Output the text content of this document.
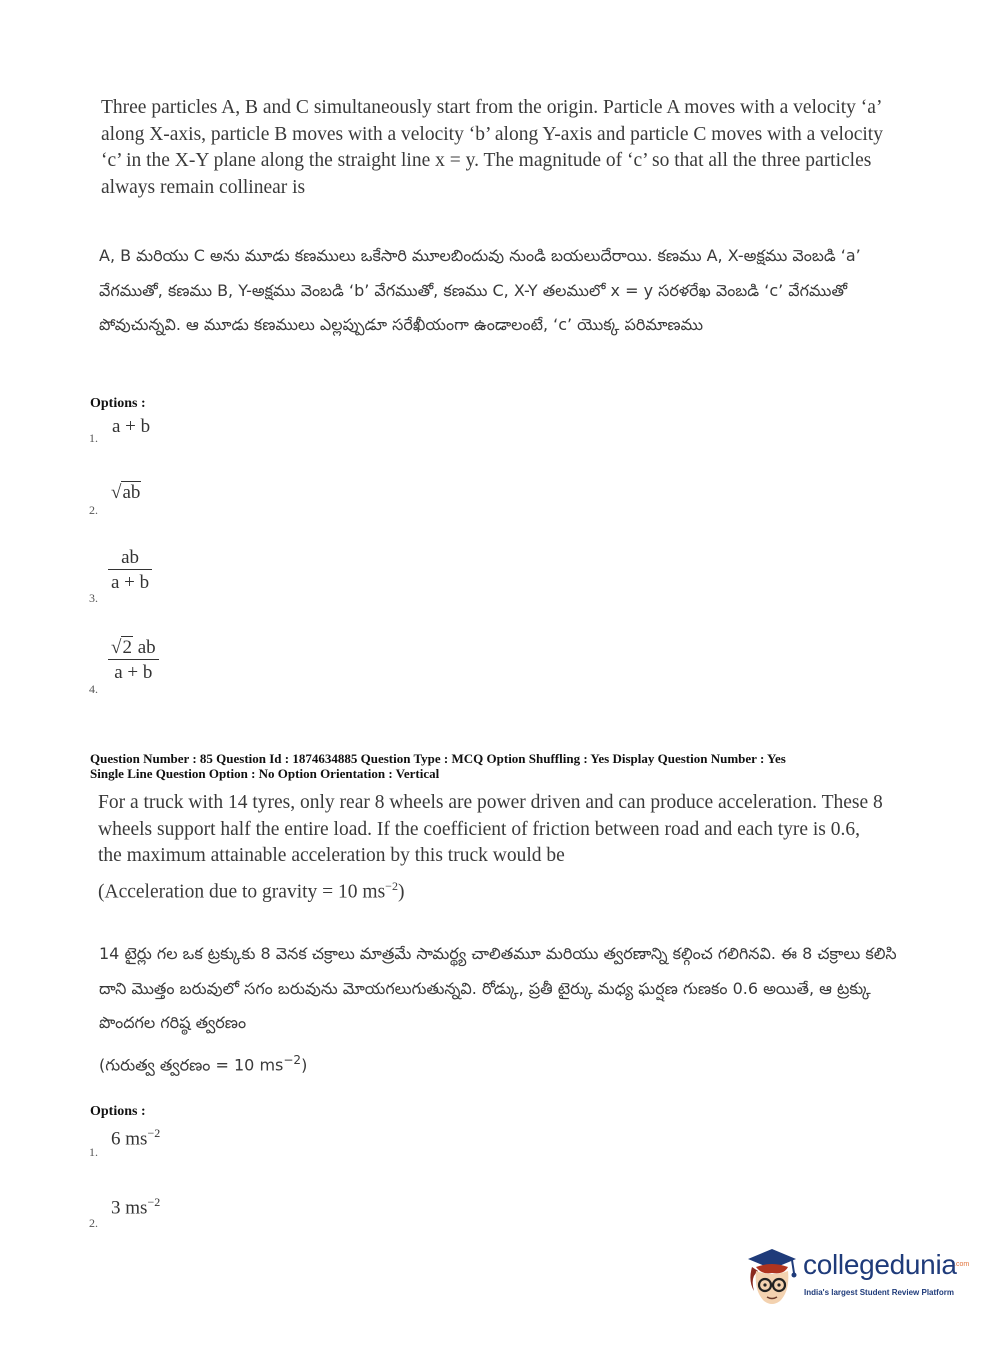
Three particles A, B and C simultaneously start from the origin. Particle A moves with a velocity ‘a’ along X-axis, particle B moves with a velocity ‘b’ along Y-axis and particle C moves with a velocity ‘c’ in the X-Y plane along the straight line x = y. The magnitude of ‘c’ so that all the three particles always remain collinear is
A, B మరియు C అను మూడు కణములు ఒకేసారి మూలబిందువు నుండి బయలుదేరాయి. కణము A, X-అక్షము వెంబడి ‘a’ వేగముతో, కణము B, Y-అక్షము వెంబడి ‘b’ వేగముతో, కణము C, X-Y తలములో x = y సరళరేఖ వెంబడి ‘c’ వేగముతో పోవుచున్నవి. ఆ మూడు కణములు ఎల్లప్పుడూ సరేఖీయంగా ఉండాలంటే, ‘c’ యొక్క పరిమాణము
Options :
1.
a + b
2.
√ab
3.
$\frac{ab}{a + b}$
4.
$\frac{√2 ab}{a + b}$
Question Number : 85 Question Id : 1874634885 Question Type : MCQ Option Shuffling : Yes Display Question Number : Yes
Single Line Question Option : No Option Orientation : Vertical
For a truck with 14 tyres, only rear 8 wheels are power driven and can produce acceleration. These 8 wheels support half the entire load. If the coefficient of friction between road and each tyre is 0.6, the maximum attainable acceleration by this truck would be
(Acceleration due to gravity = 10 $ms^{-2}$)
14 టైర్లు గల ఒక ట్రక్కుకు 8 వెనక చక్రాలు మాత్రమే సామర్థ్య చాలితమూ మరియు త్వరణాన్ని కల్గించ గలిగినవి. ఈ 8 చక్రాలు కలిసి దాని మొత్తం బరువులో సగం బరువును మోయగలుగుతున్నవి. రోడ్కు, ప్రతీ టైర్కు మధ్య ఘర్షణ గుణకం 0.6 అయితే, ఆ ట్రక్కు పొందగల గరిష్ఠ త్వరణం
(గురుత్వ త్వరణం = 10 $ms^{-2}$)
Options :
1.
6 $ms^{-2}$
2.
3 $ms^{-2}$
collegedunia
.com
India's largest Student Review Platform
